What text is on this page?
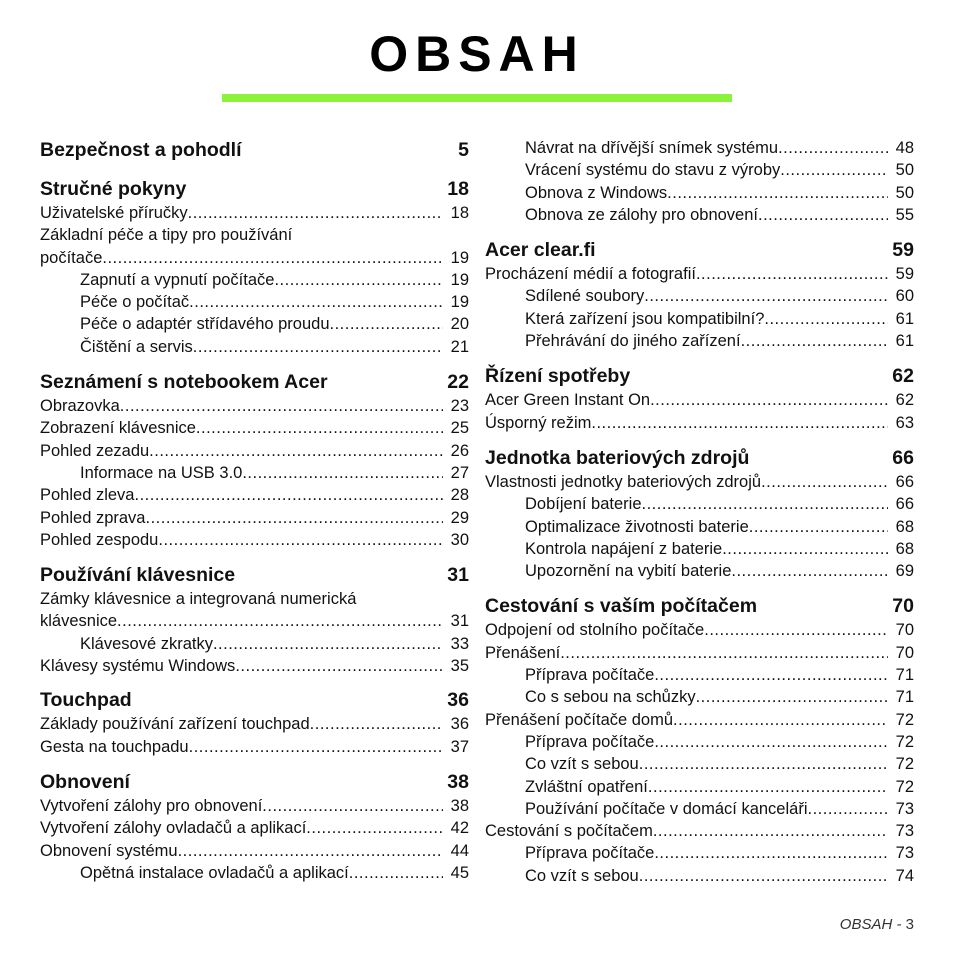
OBSAH
Bezpečnost a pohodlí	5
Stručné pokyny	18
Uživatelské příručky .....	18
Základní péče a tipy pro používání
počítače .....	19
Zapnutí a vypnutí počítače .....	19
Péče o počítač .....	19
Péče o adaptér střídavého proudu .....	20
Čištění a servis .....	21
Seznámení s notebookem Acer	22
Obrazovka .....	23
Zobrazení klávesnice .....	25
Pohled zezadu .....	26
Informace na USB 3.0 .....	27
Pohled zleva .....	28
Pohled zprava .....	29
Pohled zespodu .....	30
Používání klávesnice	31
Zámky klávesnice a integrovaná numerická
klávesnice .....	31
Klávesové zkratky .....	33
Klávesy systému Windows .....	35
Touchpad	36
Základy používání zařízení touchpad .....	36
Gesta na touchpadu .....	37
Obnovení	38
Vytvoření zálohy pro obnovení .....	38
Vytvoření zálohy ovladačů a aplikací .....	42
Obnovení systému .....	44
Opětná instalace ovladačů a aplikací .....	45
Návrat na dřívější snímek systému .....	48
Vrácení systému do stavu z výroby .....	50
Obnova z Windows .....	50
Obnova ze zálohy pro obnovení .....	55
Acer clear.fi	59
Procházení médií a fotografií .....	59
Sdílené soubory .....	60
Která zařízení jsou kompatibilní? .....	61
Přehrávání do jiného zařízení .....	61
Řízení spotřeby	62
Acer Green Instant On .....	62
Úsporný režim .....	63
Jednotka bateriových zdrojů	66
Vlastnosti jednotky bateriových zdrojů .....	66
Dobíjení baterie .....	66
Optimalizace životnosti baterie .....	68
Kontrola napájení z baterie .....	68
Upozornění na vybití baterie .....	69
Cestování s vaším počítačem	70
Odpojení od stolního počítače .....	70
Přenášení .....	70
Příprava počítače .....	71
Co s sebou na schůzky .....	71
Přenášení počítače domů .....	72
Příprava počítače .....	72
Co vzít s sebou .....	72
Zvláštní opatření .....	72
Používání počítače v domácí kanceláři .....	73
Cestování s počítačem .....	73
Příprava počítače .....	73
Co vzít s sebou .....	74
OBSAH - 3
